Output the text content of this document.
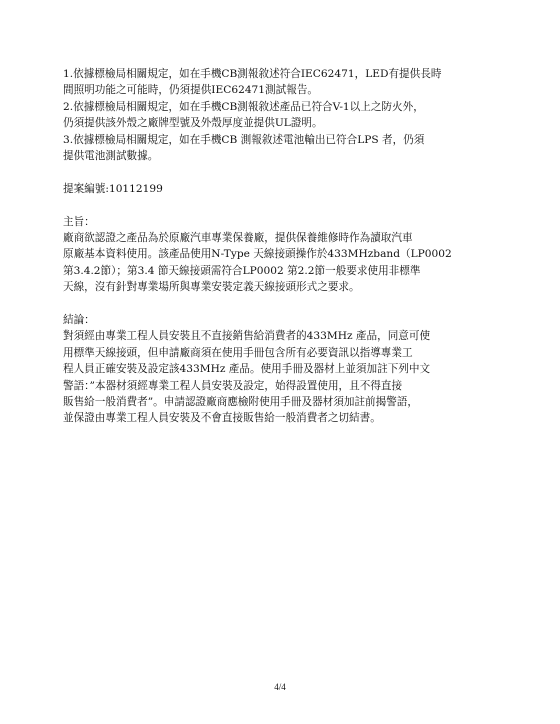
1.依據標檢局相關規定，如在手機CB測報敘述符合IEC62471，LED有提供長時
間照明功能之可能時，仍須提供IEC62471測試報告。
2.依據標檢局相關規定，如在手機CB測報敘述產品已符合V-1以上之防火外，
仍須提供該外殼之廠牌型號及外殼厚度並提供UL證明。
3.依據標檢局相關規定，如在手機CB 測報敘述電池輸出已符合LPS 者，仍須
提供電池測試數據。
提案編號:10112199
主旨：
廠商欲認證之產品為於原廠汽車專業保養廠，提供保養維修時作為讀取汽車
原廠基本資料使用。該產品使用N-Type 天線接頭操作於433MHzband（LP0002
第3.4.2節）；第3.4 節天線接頭需符合LP0002 第2.2節一般要求使用非標準
天線，沒有針對專業場所與專業安裝定義天線接頭形式之要求。
結論：
對須經由專業工程人員安裝且不直接銷售給消費者的433MHz 產品，同意可使
用標準天線接頭，但申請廠商須在使用手冊包含所有必要資訊以指導專業工
程人員正確安裝及設定該433MHz 產品。使用手冊及器材上並須加註下列中文
警語：”本器材須經專業工程人員安裝及設定，始得設置使用，且不得直接
販售給一般消費者”。申請認證廠商應檢附使用手冊及器材須加註前揭警語，
並保證由專業工程人員安裝及不會直接販售給一般消費者之切結書。
4/4
